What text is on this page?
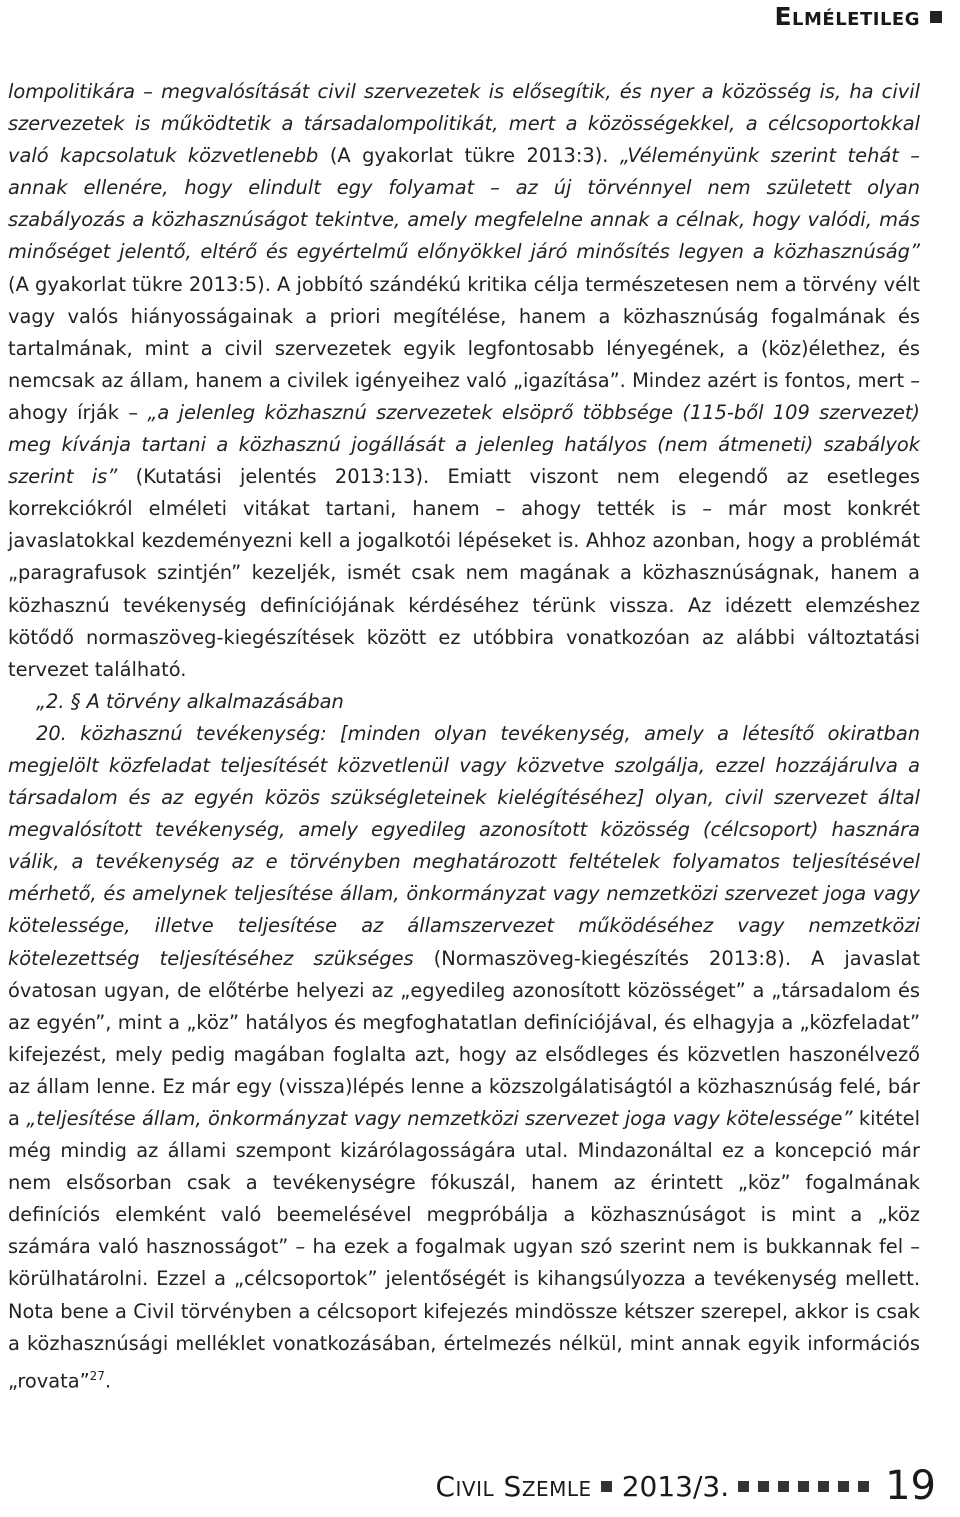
Elméletileg

lompolitikára – megvalósítását civil szervezetek is elősegítik, és nyer a közösség is, ha civil szervezetek is működtetik a társadalompolitikát, mert a közösségekkel, a célcsoportokkal való kapcsolatuk közvetlenebb (A gyakorlat tükre 2013:3). „Véleményünk szerint tehát – annak ellenére, hogy elindult egy folyamat – az új törvénnyel nem született olyan szabályozás a közhasznúságot tekintve, amely megfelelne annak a célnak, hogy valódi, más minőséget jelentő, eltérő és egyértelmű előnyökkel járó minősítés legyen a közhasznúság” (A gyakorlat tükre 2013:5). A jobbító szándékú kritika célja természetesen nem a törvény vélt vagy valós hiányosságainak a priori megítélése, hanem a közhasznúság fogalmának és tartalmának, mint a civil szervezetek egyik legfontosabb lényegének, a (köz)élethez, és nemcsak az állam, hanem a civilek igényeihez való „igazítása”. Mindez azért is fontos, mert – ahogy írják – „a jelenleg közhasznú szervezetek elsöprő többsége (115-ből 109 szervezet) meg kívánja tartani a közhasznú jogállását a jelenleg hatályos (nem átmeneti) szabályok szerint is” (Kutatási jelentés 2013:13). Emiatt viszont nem elegendő az esetleges korrekciókról elméleti vitákat tartani, hanem – ahogy tették is – már most konkrét javaslatokkal kezdeményezni kell a jogalkotói lépéseket is. Ahhoz azonban, hogy a problémát „paragrafusok szintjén” kezeljék, ismét csak nem magának a közhasznúságnak, hanem a közhasznú tevékenység definíciójának kérdéséhez térünk vissza. Az idézett elemzéshez kötődő normaszöveg-kiegészítések között ez utóbbira vonatkozóan az alábbi változtatási tervezet található.

„2. § A törvény alkalmazásában

20. közhasznú tevékenység: [minden olyan tevékenység, amely a létesítő okiratban megjelölt közfeladat teljesítését közvetlenül vagy közvetve szolgálja, ezzel hozzájárulva a társadalom és az egyén közös szükségleteinek kielégítéséhez] olyan, civil szervezet által megvalósított tevékenység, amely egyedileg azonosított közösség (célcsoport) hasznára válik, a tevékenység az e törvényben meghatározott feltételek folyamatos teljesítésével mérhető, és amelynek teljesítése állam, önkormányzat vagy nemzetközi szervezet joga vagy kötelessége, illetve teljesítése az államszervezet működéséhez vagy nemzetközi kötelezettség teljesítéséhez szükséges (Normaszöveg-kiegészítés 2013:8). A javaslat óvatosan ugyan, de előtérbe helyezi az „egyedileg azonosított közösséget” a „társadalom és az egyén”, mint a „köz” hatályos és megfoghatatlan definíciójával, és elhagyja a „közfeladat” kifejezést, mely pedig magában foglalta azt, hogy az elsődleges és közvetlen haszonélvező az állam lenne. Ez már egy (vissza)lépés lenne a közszolgálatiságtól a közhasznúság felé, bár a „teljesítése állam, önkormányzat vagy nemzetközi szervezet joga vagy kötelessége” kitétel még mindig az állami szempont kizárólagosságára utal. Mindazonáltal ez a koncepció már nem elsősorban csak a tevékenységre fókuszál, hanem az érintett „köz” fogalmának definíciós elemként való beemelésével megpróbálja a közhasznúságot is mint a „köz számára való hasznosságot” – ha ezek a fogalmak ugyan szó szerint nem is bukkannak fel – körülhatárolni. Ezzel a „célcsoportok” jelentőségét is kihangsúlyozza a tevékenység mellett. Nota bene a Civil törvényben a célcsoport kifejezés mindössze kétszer szerepel, akkor is csak a közhasznúsági melléklet vonatkozásában, értelmezés nélkül, mint annak egyik információs „rovata”$^{27}$.

Civil Szemle 2013/3.	19
